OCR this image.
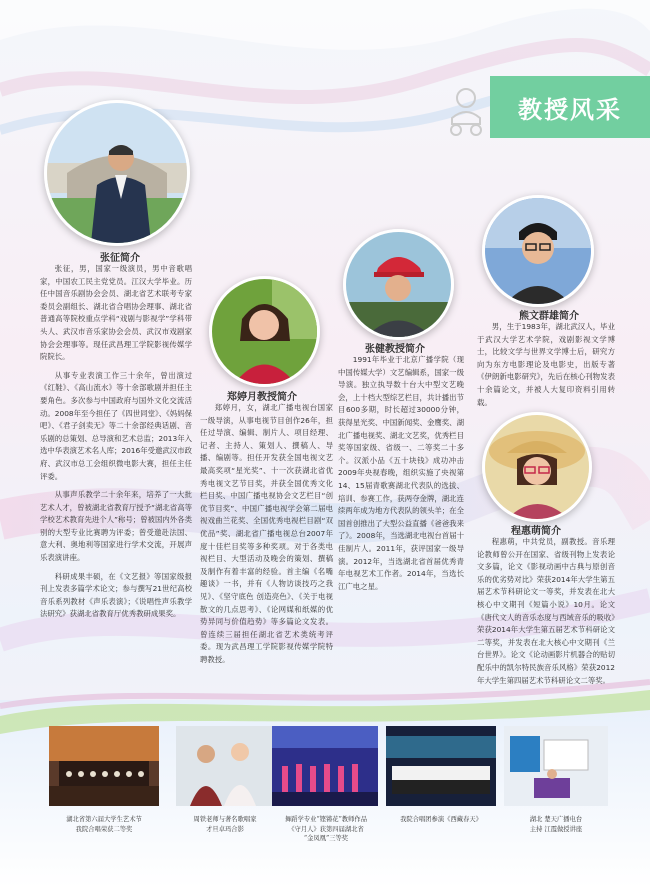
教授风采
张征简介

张征，男，国家一级演员，男中音歌唱家，中国农工民主党党员。江汉大学毕业。历任中国音乐剧协会会员、湖北省艺术联考专家委员会副组长、湖北省合唱协会理事、湖北省普通高等院校重点学科“戏剧与影视学”学科带头人、武汉市音乐家协会会员、武汉市戏剧家协会会理事等。现任武昌理工学院影视传媒学院院长。

从事专业表演工作三十余年，曾出演过《红鞋》、《高山流水》等十余部歌剧并担任主要角色。多次参与中国政府与国外文化交流活动。2008年至今担任了《四世同堂》、《妈妈保吧》、《君子剑卖无》等二十余部经典话剧、音乐剧的总策划、总导演和艺术总监；2013年入选中华表演艺术名人库；2016年受邀武汉市政府、武汉市总工会组织微电影大赛，担任主任评委。

从事声乐教学二十余年来，培养了一大批艺术人才，曾被湖北省教育厅授予“湖北省高等学校艺术教育先进个人”称号；曾被国内外各类别的大型专业比赛聘为评委；曾受邀赴法国、意大利、奥地利等国家进行学术交流，开展声乐表演讲座。

科研成果丰硕，在《文艺报》等国家级报刊上发表多篇学术论文；参与撰写21世纪高校音乐系列教材《声乐表演》；《说唱性声乐教学法研究》获湖北省教育厅优秀教研成果奖。

郑婷月教授简介

郑婷月，女，湖北广播电视台国家一级导演，从事电视节目创作26年，担任过导演、编辑、制片人、项目经理、记者、主持人、策划人、撰稿人、导播、编剧等。担任开发获全国电视文艺最高奖项“星光奖”、十一次获湖北省优秀电视文艺节目奖，并获全国优秀文化栏目奖、中国广播电视协会文艺栏目“创优节目奖”、中国广播电视学会第二届电视戏曲兰花奖、全国优秀电视栏目剧“双优品”奖、湖北省广播电视总台2007年度十佳栏目奖等多种奖项。对于各类电视栏目、大型活动及晚会的策划、撰稿及制作有着丰富的经验。首主编《名嘴趣谈》一书，并有《人物访谈技巧之我见》、《坚守底色 创造亮色》、《关于电视散文的几点思考》、《论网媒和纸媒的优势异同与价值趋势》等多篇论文发表。曾连续三届担任湖北省艺术类统考评委。现为武昌理工学院影视传媒学院特聘教授。

张健教授简介

1991年毕业于北京广播学院（现中国传媒大学）文艺编辑系，国家一级导演。独立执导数十台大中型文艺晚会，上十档大型综艺栏目，共计播出节目600多期，时长超过30000分钟，获得星光奖、中国新闻奖、金鹰奖、湖北广播电视奖、湖北文艺奖，优秀栏目奖等国家级、省级一、二等奖二十多个。汉派小品《五十块钱》成功冲击2009年央视春晚，组织实施了央视第14、15届青歌赛湖北代表队的选拔、培训、参赛工作，获两夺金牌，湖北连续两年成为地方代表队的领头羊；在全国首创推出了大型公益直播《爸爸我来了》。2008年，当选湖北电视台首届十佳制片人。2011年，获评国家一级导演。2012年，当选湖北省首届优秀青年电视艺术工作者。2014年，当选长江广电之星。

熊文群雄简介

男，生于1983年，湖北武汉人，毕业于武汉大学艺术学院，戏剧影视文学博士，比较文学与世界文学博士后，研究方向为东方电影理论及电影史，出版专著《伊朗新电影研究》，先后在核心刊物发表十余篇论文，并被人大复印资料引用转载。

程惠萌简介

程惠萌，中共党员，副教授。音乐理论教师曾公开在国家、省级刊物上发表论文多篇，论文《影视动画中古典与原创音乐的优劣势对比》荣获2014年大学生第五届艺术节科研论文一等奖，并发表在北大核心中文期刊《短篇小说》10月。论文《唐代文人的音乐态度与西域音乐的吸收》荣获2014年大学生第五届艺术节科研论文二等奖，并发表在北大核心中文期刊《兰台世界》。论文《论动画影片机器合的贴切配乐中的凯尔特民族音乐风格》荣获2012年大学生第四届艺术节科研论文二等奖。

湖北省第六届大学生艺术节
我院合唱荣获二等奖
周铁老师与著名歌唱家
才旦卓玛合影
舞蹈学专业“铿锵花”教师作品
《守月人》获第四届湖北省
“金凤凰”三等奖
我院合唱团参演《西藏春天》	湖北 楚天广播电台
主持 江霞做授讲座
